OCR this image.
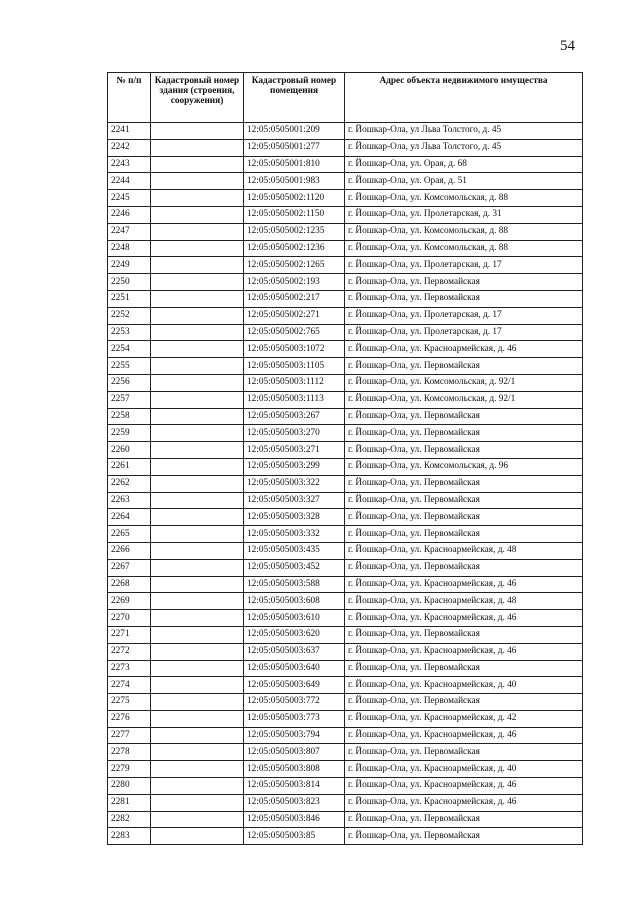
54
№ п/п	Кадастровый номер здания (строения, сооружения)	Кадастровый номер помещения	Адрес объекта недвижимого имущества
2241		12:05:0505001:209	г. Йошкар-Ола, ул Льва Толстого, д. 45
2242		12:05:0505001:277	г. Йошкар-Ола, ул Льва Толстого, д. 45
2243		12:05:0505001:810	г. Йошкар-Ола, ул. Орая, д. 68
2244		12:05:0505001:983	г. Йошкар-Ола, ул. Орая, д. 51
2245		12:05:0505002:1120	г. Йошкар-Ола, ул. Комсомольская, д. 88
2246		12:05:0505002:1150	г. Йошкар-Ола, ул. Пролетарская, д. 31
2247		12:05:0505002:1235	г. Йошкар-Ола, ул. Комсомольская, д. 88
2248		12:05:0505002:1236	г. Йошкар-Ола, ул. Комсомольская, д. 88
2249		12:05:0505002:1265	г. Йошкар-Ола, ул. Пролетарская, д. 17
2250		12:05:0505002:193	г. Йошкар-Ола, ул. Первомайская
2251		12:05:0505002:217	г. Йошкар-Ола, ул. Первомайская
2252		12:05:0505002:271	г. Йошкар-Ола, ул. Пролетарская, д. 17
2253		12:05:0505002:765	г. Йошкар-Ола, ул. Пролетарская, д. 17
2254		12:05:0505003:1072	г. Йошкар-Ола, ул. Красноармейская, д. 46
2255		12:05:0505003:1105	г. Йошкар-Ола, ул. Первомайская
2256		12:05:0505003:1112	г. Йошкар-Ола, ул. Комсомольская, д. 92/1
2257		12:05:0505003:1113	г. Йошкар-Ола, ул. Комсомольская, д. 92/1
2258		12:05:0505003:267	г. Йошкар-Ола, ул. Первомайская
2259		12:05:0505003:270	г. Йошкар-Ола, ул. Первомайская
2260		12:05:0505003:271	г. Йошкар-Ола, ул. Первомайская
2261		12:05:0505003:299	г. Йошкар-Ола, ул. Комсомольская, д. 96
2262		12:05:0505003:322	г. Йошкар-Ола, ул. Первомайская
2263		12:05:0505003:327	г. Йошкар-Ола, ул. Первомайская
2264		12:05:0505003:328	г. Йошкар-Ола, ул. Первомайская
2265		12:05:0505003:332	г. Йошкар-Ола, ул. Первомайская
2266		12:05:0505003:435	г. Йошкар-Ола, ул. Красноармейская, д. 48
2267		12:05:0505003:452	г. Йошкар-Ола, ул. Первомайская
2268		12:05:0505003:588	г. Йошкар-Ола, ул. Красноармейская, д. 46
2269		12:05:0505003:608	г. Йошкар-Ола, ул. Красноармейская, д. 48
2270		12:05:0505003:610	г. Йошкар-Ола, ул. Красноармейская, д. 46
2271		12:05:0505003:620	г. Йошкар-Ола, ул. Первомайская
2272		12:05:0505003:637	г. Йошкар-Ола, ул. Красноармейская, д. 46
2273		12:05:0505003:640	г. Йошкар-Ола, ул. Первомайская
2274		12:05:0505003:649	г. Йошкар-Ола, ул. Красноармейская, д. 40
2275		12:05:0505003:772	г. Йошкар-Ола, ул. Первомайская
2276		12:05:0505003:773	г. Йошкар-Ола, ул. Красноармейская, д. 42
2277		12:05:0505003:794	г. Йошкар-Ола, ул. Красноармейская, д. 46
2278		12:05:0505003:807	г. Йошкар-Ола, ул. Первомайская
2279		12:05:0505003:808	г. Йошкар-Ола, ул. Красноармейская, д. 40
2280		12:05:0505003:814	г. Йошкар-Ола, ул. Красноармейская, д. 46
2281		12:05:0505003:823	г. Йошкар-Ола, ул. Красноармейская, д. 46
2282		12:05:0505003:846	г. Йошкар-Ола, ул. Первомайская
2283		12:05:0505003:85	г. Йошкар-Ола, ул. Первомайская
